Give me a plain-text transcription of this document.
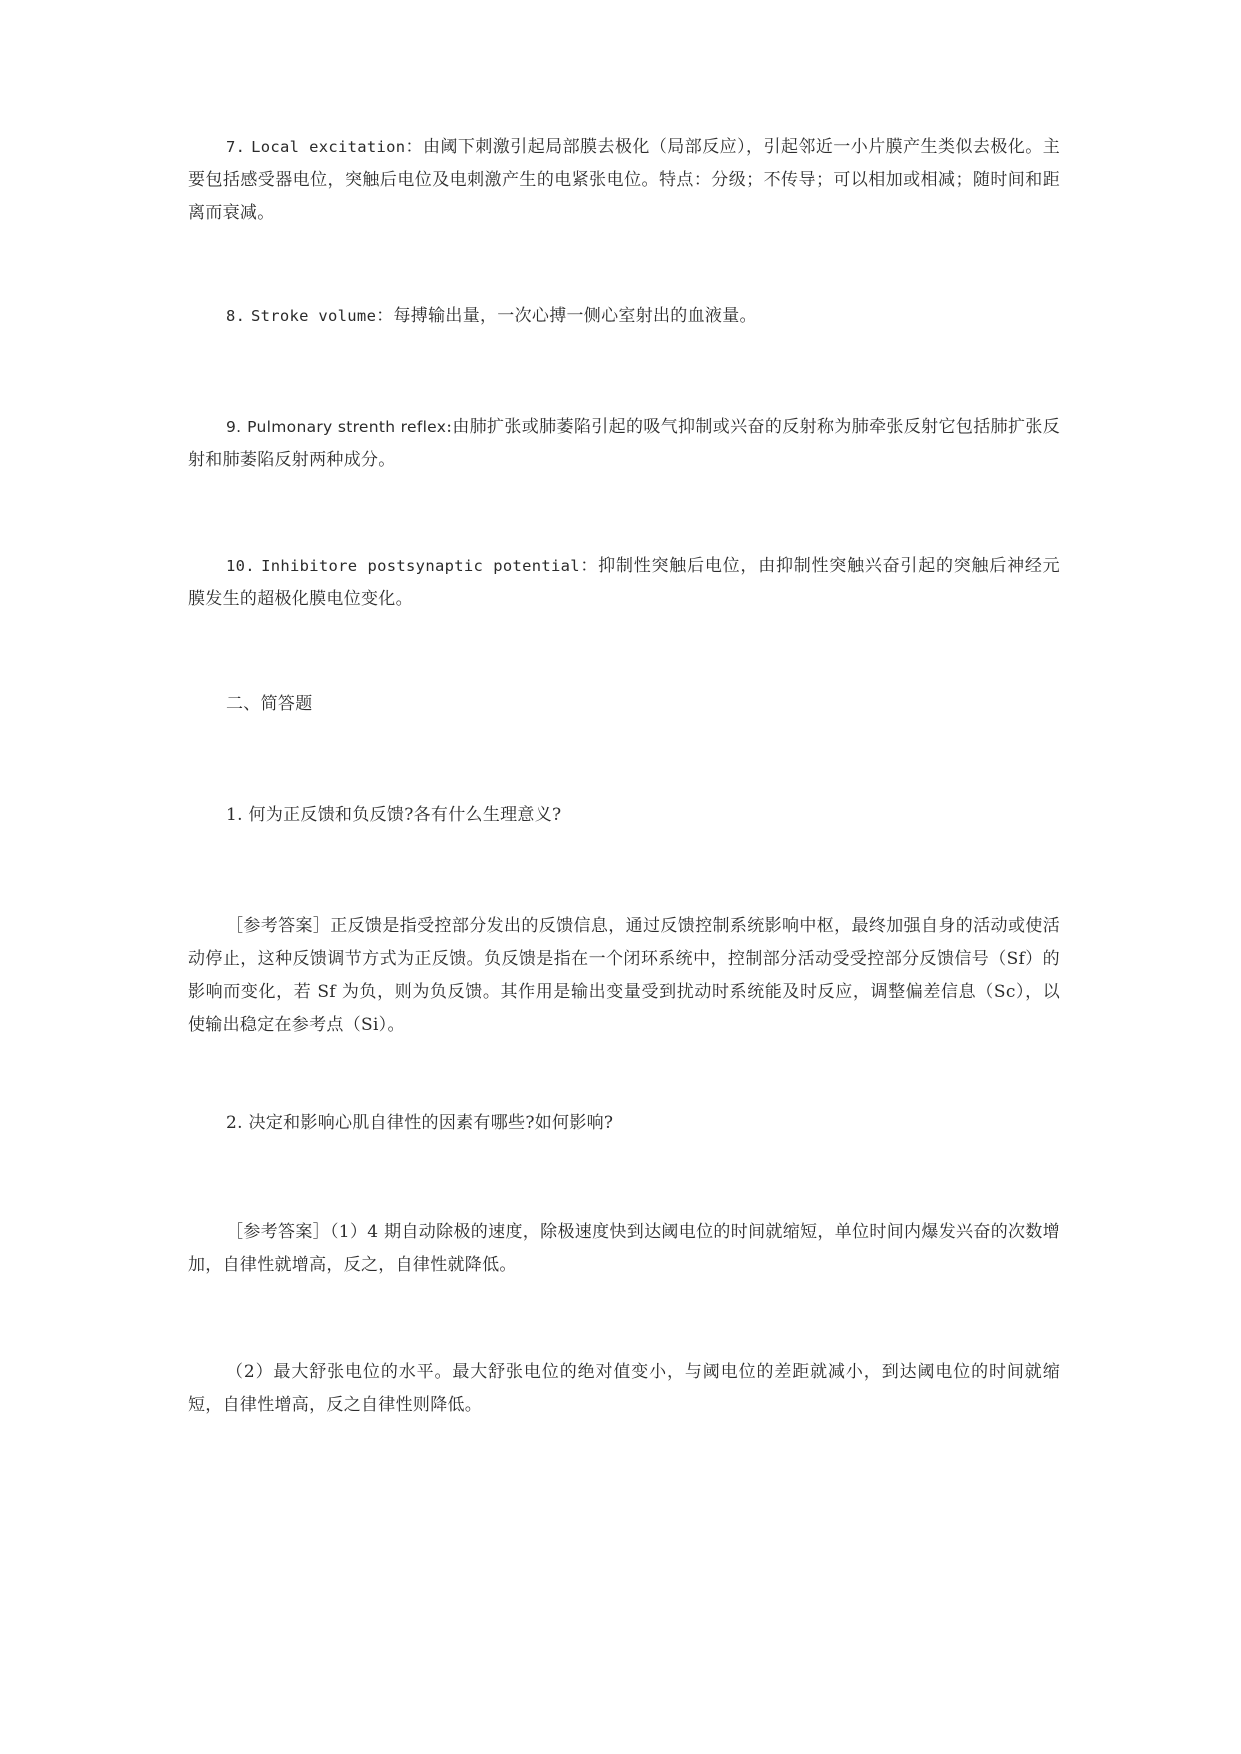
7. Local excitation：由阈下刺激引起局部膜去极化（局部反应），引起邻近一小片膜产生类似去极化。主要包括感受器电位，突触后电位及电刺激产生的电紧张电位。特点：分级；不传导；可以相加或相减；随时间和距离而衰减。

8. Stroke volume：每搏输出量，一次心搏一侧心室射出的血液量。

9. Pulmonary strenth reflex:由肺扩张或肺萎陷引起的吸气抑制或兴奋的反射称为肺牵张反射它包括肺扩张反射和肺萎陷反射两种成分。

10. Inhibitore postsynaptic potential：抑制性突触后电位，由抑制性突触兴奋引起的突触后神经元膜发生的超极化膜电位变化。

二、简答题

1. 何为正反馈和负反馈?各有什么生理意义?

［参考答案］正反馈是指受控部分发出的反馈信息，通过反馈控制系统影响中枢，最终加强自身的活动或使活动停止，这种反馈调节方式为正反馈。负反馈是指在一个闭环系统中，控制部分活动受受控部分反馈信号（Sf）的影响而变化，若 Sf 为负，则为负反馈。其作用是输出变量受到扰动时系统能及时反应，调整偏差信息（Sc），以使输出稳定在参考点（Si）。

2. 决定和影响心肌自律性的因素有哪些?如何影响?

［参考答案］（1）4 期自动除极的速度，除极速度快到达阈电位的时间就缩短，单位时间内爆发兴奋的次数增加，自律性就增高，反之，自律性就降低。

（2）最大舒张电位的水平。最大舒张电位的绝对值变小，与阈电位的差距就减小，到达阈电位的时间就缩短，自律性增高，反之自律性则降低。
